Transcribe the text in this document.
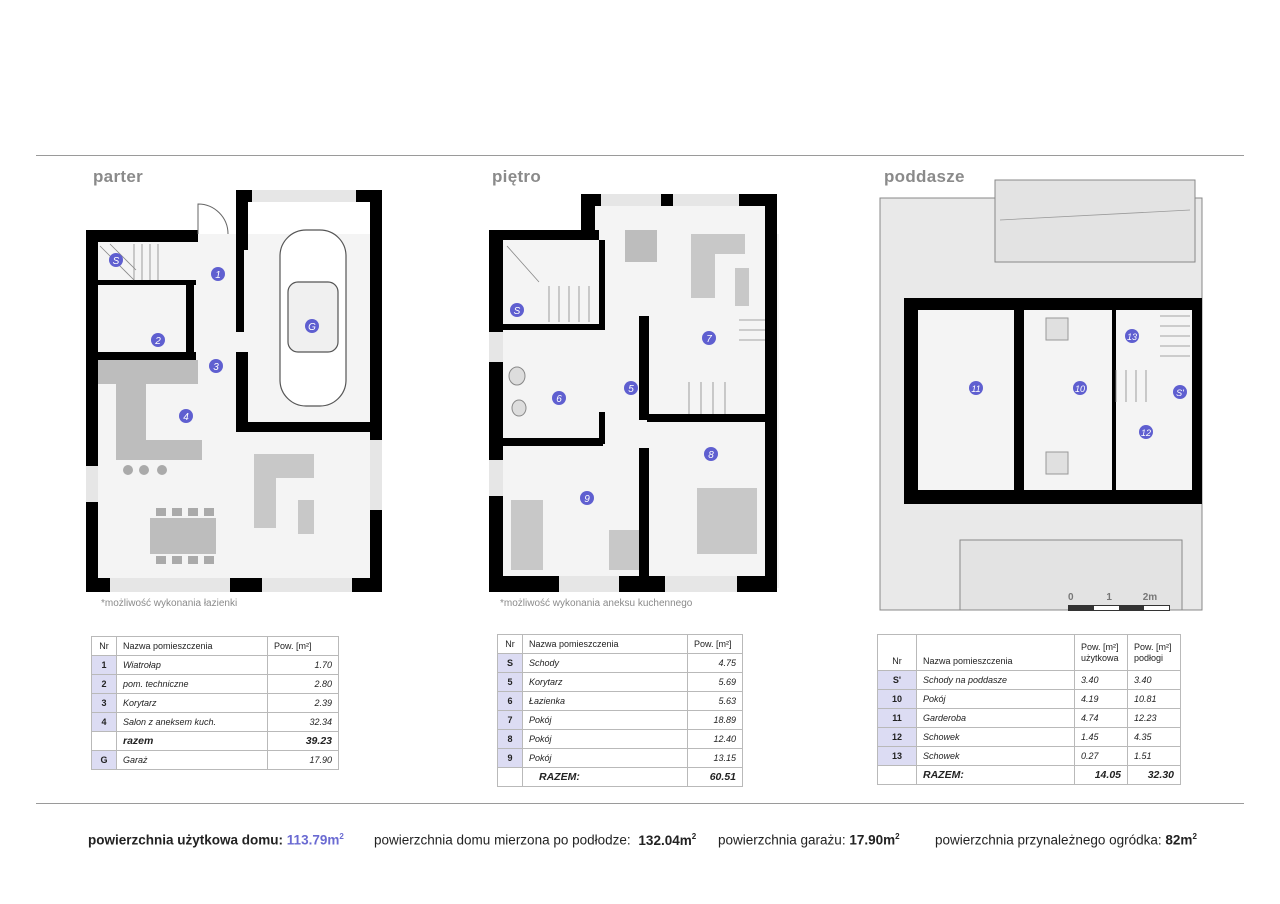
parter	piętro	poddasze
S
1
2
3
4
G
*możliwość wykonania łazienki
S
5
6
7
8
9
*możliwość wykonania aneksu kuchennego
11	10
13
S'
12
0	1	2m
Nr	Nazwa pomieszczenia	Pow. [m²]
1	Wiatrołap	1.70
2	pom. techniczne	2.80
3	Korytarz	2.39
4	Salon z aneksem kuch.	32.34
	razem	39.23
G	Garaż	17.90
Nr	Nazwa pomieszczenia	Pow. [m²]
S	Schody	4.75
5	Korytarz	5.69
6	Łazienka	5.63
7	Pokój	18.89
8	Pokój	12.40
9	Pokój	13.15
	RAZEM:	60.51
Nr	Nazwa pomieszczenia	Pow. [m²] użytkowa	Pow. [m²] podłogi
S'	Schody na poddasze	3.40	3.40
10	Pokój	4.19	10.81
11	Garderoba	4.74	12.23
12	Schowek	1.45	4.35
13	Schowek	0.27	1.51
	RAZEM:	14.05	32.30
powierzchnia użytkowa domu: $113.79m^2$ powierzchnia domu mierzona po podłodze: $132.04m^2$ powierzchnia garażu: $17.90m^2$	powierzchnia przynależnego ogródka: $82m^2$
